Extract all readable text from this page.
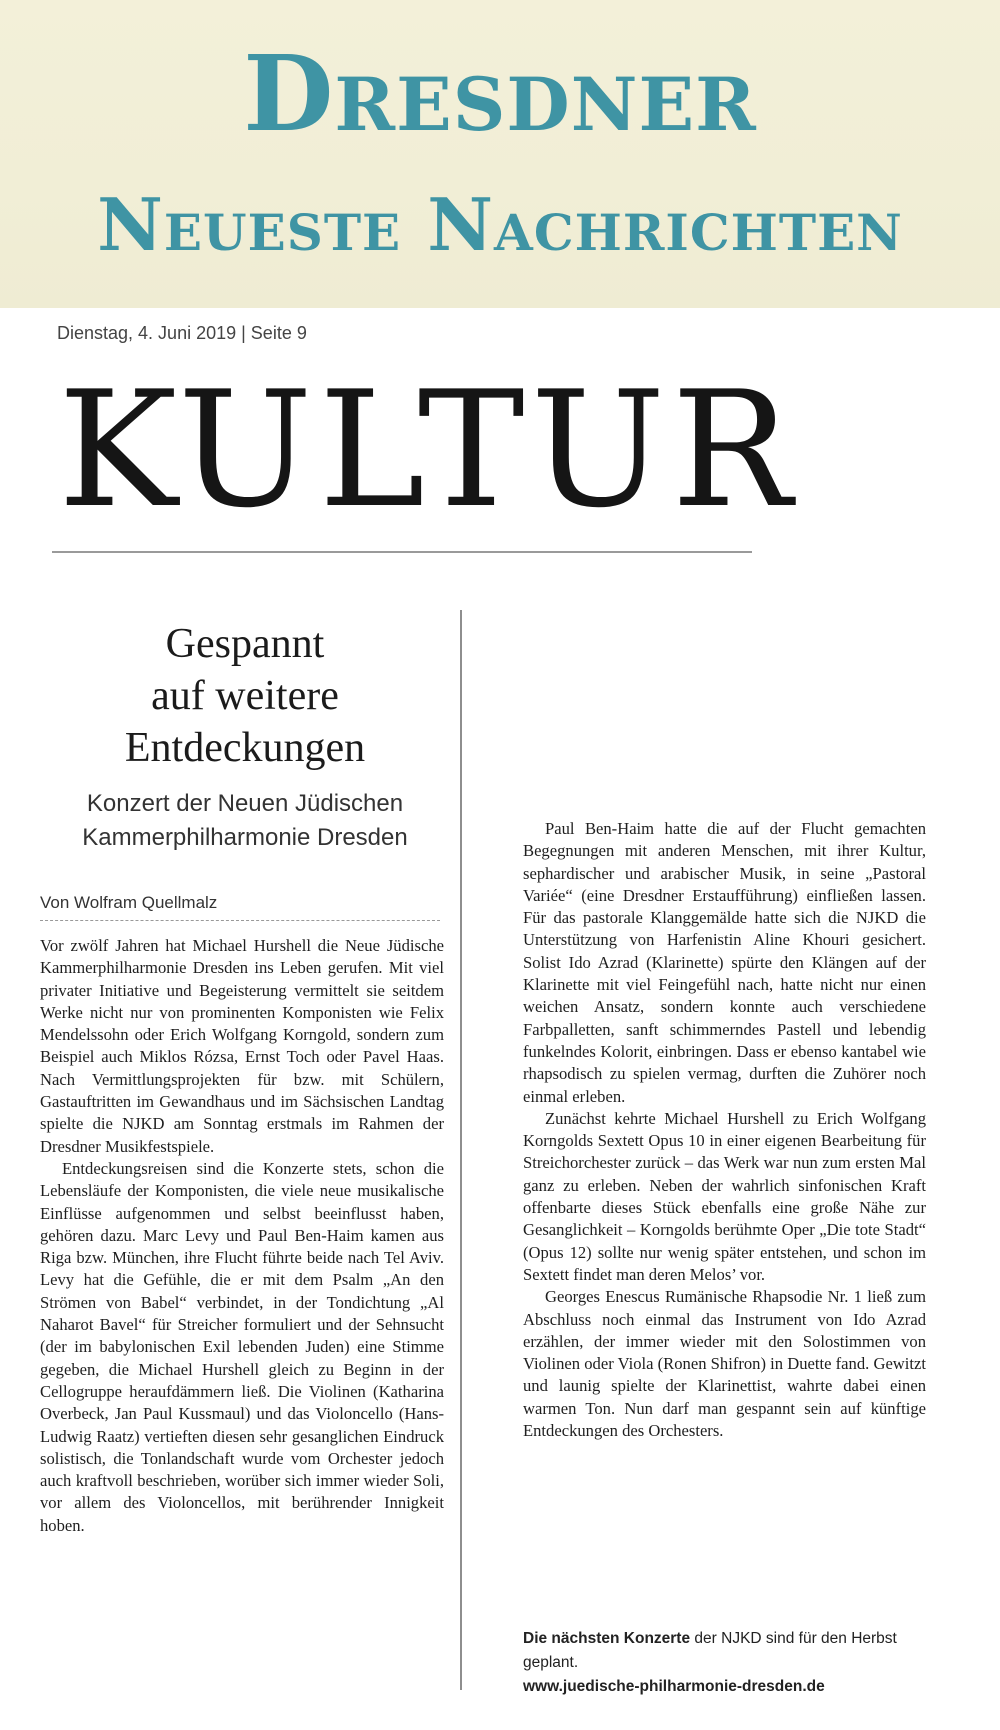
Dresdner
Neueste Nachrichten
Dienstag, 4. Juni 2019 | Seite 9
KULTUR
Gespannt
auf weitere
Entdeckungen
Konzert der Neuen Jüdischen
Kammerphilharmonie Dresden
Von Wolfram Quellmalz

Vor zwölf Jahren hat Michael Hurshell die Neue Jüdische Kammerphilharmonie Dresden ins Leben gerufen. Mit viel privater Initiative und Begeisterung vermittelt sie seitdem Werke nicht nur von prominenten Komponisten wie Felix Mendelssohn oder Erich Wolfgang Korngold, sondern zum Beispiel auch Miklos Rózsa, Ernst Toch oder Pavel Haas. Nach Vermittlungsprojekten für bzw. mit Schülern, Gastauftritten im Gewandhaus und im Sächsischen Landtag spielte die NJKD am Sonntag erstmals im Rahmen der Dresdner Musikfestspiele.

Entdeckungsreisen sind die Konzerte stets, schon die Lebensläufe der Komponisten, die viele neue musikalische Einflüsse aufgenommen und selbst beeinflusst haben, gehören dazu. Marc Levy und Paul Ben-Haim kamen aus Riga bzw. München, ihre Flucht führte beide nach Tel Aviv. Levy hat die Gefühle, die er mit dem Psalm „An den Strömen von Babel“ verbindet, in der Tondichtung „Al Naharot Bavel“ für Streicher formuliert und der Sehnsucht (der im babylonischen Exil lebenden Juden) eine Stimme gegeben, die Michael Hurshell gleich zu Beginn in der Cellogruppe heraufdämmern ließ. Die Violinen (Katharina Overbeck, Jan Paul Kussmaul) und das Violoncello (Hans-Ludwig Raatz) vertieften diesen sehr gesanglichen Eindruck solistisch, die Tonlandschaft wurde vom Orchester jedoch auch kraftvoll beschrieben, worüber sich immer wieder Soli, vor allem des Violoncellos, mit berührender Innigkeit hoben.

Paul Ben-Haim hatte die auf der Flucht gemachten Begegnungen mit anderen Menschen, mit ihrer Kultur, sephardischer und arabischer Musik, in seine „Pastoral Variée“ (eine Dresdner Erstaufführung) einfließen lassen. Für das pastorale Klanggemälde hatte sich die NJKD die Unterstützung von Harfenistin Aline Khouri gesichert. Solist Ido Azrad (Klarinette) spürte den Klängen auf der Klarinette mit viel Feingefühl nach, hatte nicht nur einen weichen Ansatz, sondern konnte auch verschiedene Farbpalletten, sanft schimmerndes Pastell und lebendig funkelndes Kolorit, einbringen. Dass er ebenso kantabel wie rhapsodisch zu spielen vermag, durften die Zuhörer noch einmal erleben.

Zunächst kehrte Michael Hurshell zu Erich Wolfgang Korngolds Sextett Opus 10 in einer eigenen Bearbeitung für Streichorchester zurück – das Werk war nun zum ersten Mal ganz zu erleben. Neben der wahrlich sinfonischen Kraft offenbarte dieses Stück ebenfalls eine große Nähe zur Gesanglichkeit – Korngolds berühmte Oper „Die tote Stadt“ (Opus 12) sollte nur wenig später entstehen, und schon im Sextett findet man deren Melos’ vor.

Georges Enescus Rumänische Rhapsodie Nr. 1 ließ zum Abschluss noch einmal das Instrument von Ido Azrad erzählen, der immer wieder mit den Solostimmen von Violinen oder Viola (Ronen Shifron) in Duette fand. Gewitzt und launig spielte der Klarinettist, wahrte dabei einen warmen Ton. Nun darf man gespannt sein auf künftige Entdeckungen des Orchesters.

Die nächsten Konzerte der NJKD sind für den Herbst geplant.
www.juedische-philharmonie-dresden.de
